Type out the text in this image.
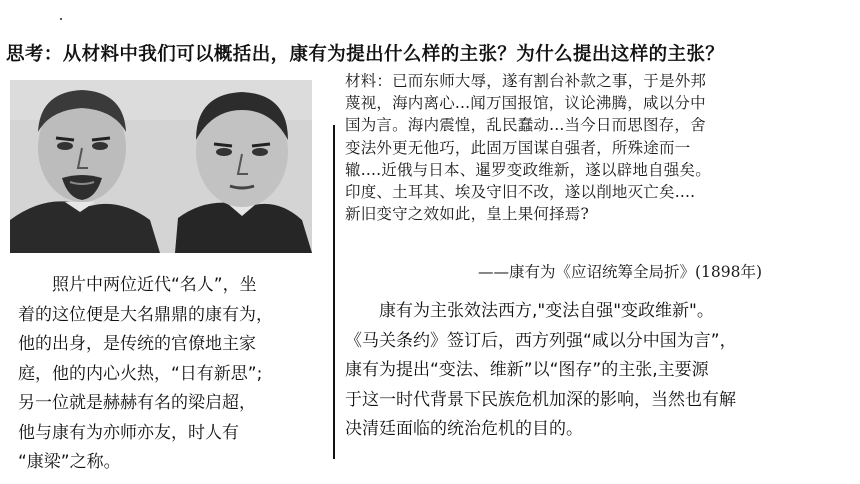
思考：从材料中我们可以概括出，康有为提出什么样的主张？为什么提出这样的主张？
材料：已而东师大辱，遂有割台补款之事，于是外邦
蔑视，海内离心...闻万国报馆，议论沸腾，咸以分中
国为言。海内震惶，乱民蠢动...当今日而思图存，舍
变法外更无他巧，此固万国谋自强者，所殊途而一
辙....近俄与日本、暹罗变政维新，遂以辟地自强矣。
印度、土耳其、埃及守旧不改，遂以削地灭亡矣....
新旧变守之效如此，皇上果何择焉?
——康有为《应诏统筹全局折》(1898年)
　　照片中两位近代“名人”，坐
着的这位便是大名鼎鼎的康有为，
他的出身，是传统的官僚地主家
庭，他的内心火热，“日有新思”;
另一位就是赫赫有名的梁启超，
他与康有为亦师亦友，时人有
“康梁”之称。
　　康有为主张效法西方,"变法自强"变政维新"。
《马关条约》签订后，西方列强“咸以分中国为言”，
康有为提出“变法、维新”以“图存”的主张,主要源
于这一时代背景下民族危机加深的影响，当然也有解
决清廷面临的统治危机的目的。
